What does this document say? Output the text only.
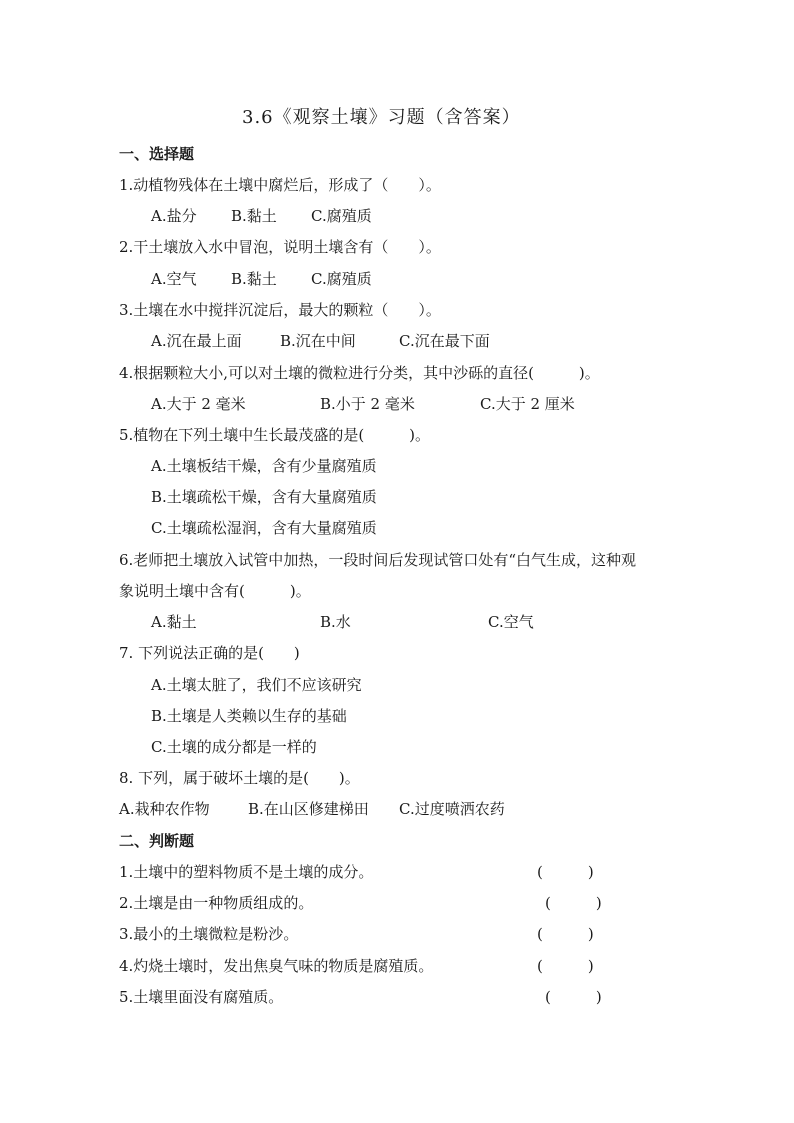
3.6《观察土壤》习题（含答案）
一、选择题
1.动植物残体在土壤中腐烂后，形成了（　　）。
A.盐分 B.黏土 C.腐殖质
2.干土壤放入水中冒泡，说明土壤含有（　　）。
A.空气 B.黏土 C.腐殖质
3.土壤在水中搅拌沉淀后，最大的颗粒（　　）。
A.沉在最上面	B.沉在中间	C.沉在最下面
4.根据颗粒大小,可以对土壤的微粒进行分类，其中沙砾的直径(　　　)。
A.大于 2 毫米	B.小于 2 毫米	C.大于 2 厘米
5.植物在下列土壤中生长最茂盛的是(　　　)。
A.土壤板结干燥，含有少量腐殖质
B.土壤疏松干燥，含有大量腐殖质
C.土壤疏松湿润，含有大量腐殖质
6.老师把土壤放入试管中加热，一段时间后发现试管口处有“白气生成，这种观
象说明土壤中含有(　　　)。
A.黏土	B.水	C.空气
7. 下列说法正确的是(　　)
A.土壤太脏了，我们不应该研究
B.土壤是人类赖以生存的基础
C.土壤的成分都是一样的
8. 下列，属于破坏土壤的是(　　)。
A.栽种农作物	B.在山区修建梯田 C.过度喷洒农药
二、判断题
1.土壤中的塑料物质不是土壤的成分。	(　　　)
2.土壤是由一种物质组成的。	(　　　)
3.最小的土壤微粒是粉沙。	(　　　)
4.灼烧土壤时，发出焦臭气味的物质是腐殖质。	(　　　)
5.土壤里面没有腐殖质。	(　　　)
